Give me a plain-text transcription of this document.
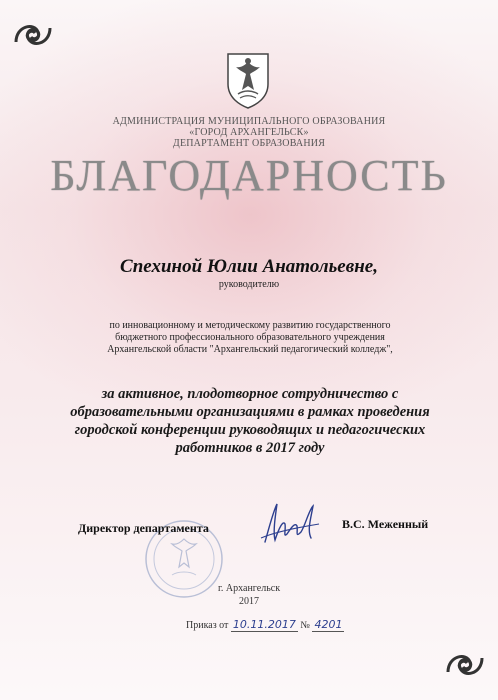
АДМИНИСТРАЦИЯ МУНИЦИПАЛЬНОГО ОБРАЗОВАНИЯ
«ГОРОД АРХАНГЕЛЬСК»
ДЕПАРТАМЕНТ ОБРАЗОВАНИЯ
БЛАГОДАРНОСТЬ
Спехиной Юлии Анатольевне,
руководителю
по инновационному и методическому развитию государственного
бюджетного профессионального образовательного учреждения
Архангельской области "Архангельский педагогический колледж",
за активное, плодотворное сотрудничество с
образовательными организациями в рамках проведения
городской конференции руководящих и педагогических
работников в 2017 году
Директор департамента	В.С. Меженный
г. Архангельск
2017
Приказ от 10.11.2017 № 4201
